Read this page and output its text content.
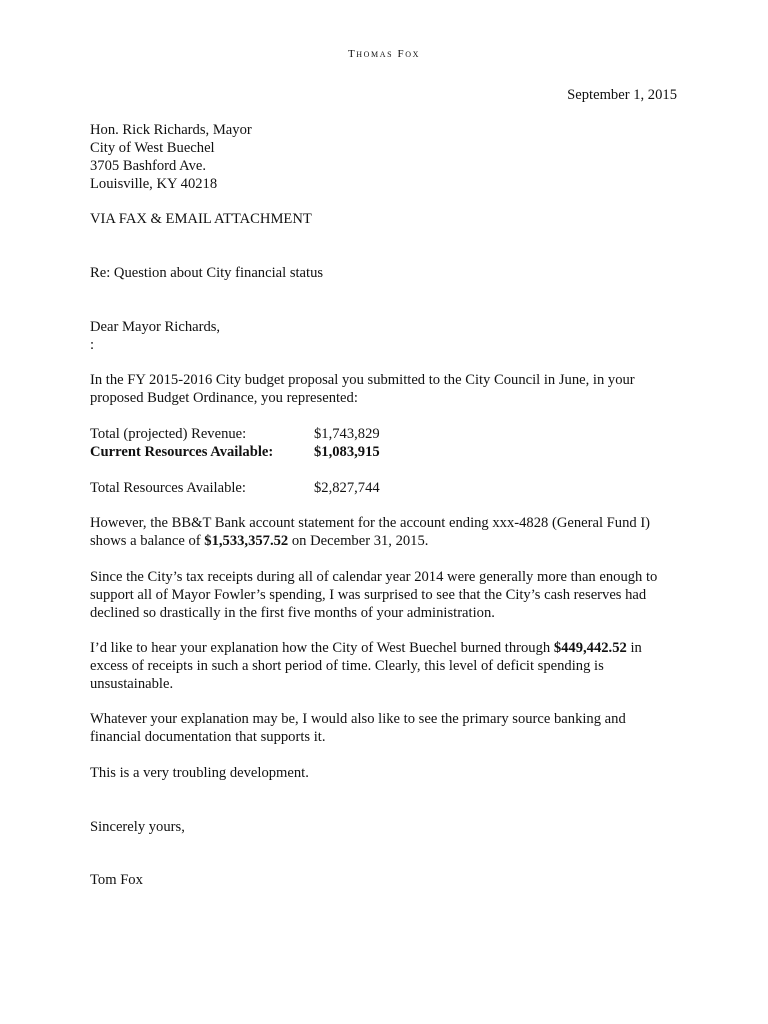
Thomas Fox
September 1, 2015
Hon. Rick Richards, Mayor
City of West Buechel
3705 Bashford Ave.
Louisville, KY 40218
VIA FAX & EMAIL ATTACHMENT
Re: Question about City financial status
Dear Mayor Richards,
:
In the FY 2015-2016 City budget proposal you submitted to the City Council in June, in your
proposed Budget Ordinance, you represented:
Total (projected) Revenue:	$1,743,829
Current Resources Available:	$1,083,915
Total Resources Available:	$2,827,744
However, the BB&T Bank account statement for the account ending xxx-4828 (General Fund I)
shows a balance of $1,533,357.52 on December 31, 2015.
Since the City’s tax receipts during all of calendar year 2014 were generally more than enough to
support all of Mayor Fowler’s spending, I was surprised to see that the City’s cash reserves had
declined so drastically in the first five months of your administration.
I’d like to hear your explanation how the City of West Buechel burned through $449,442.52 in
excess of receipts in such a short period of time. Clearly, this level of deficit spending is
unsustainable.
Whatever your explanation may be, I would also like to see the primary source banking and
financial documentation that supports it.
This is a very troubling development.
Sincerely yours,
Tom Fox
